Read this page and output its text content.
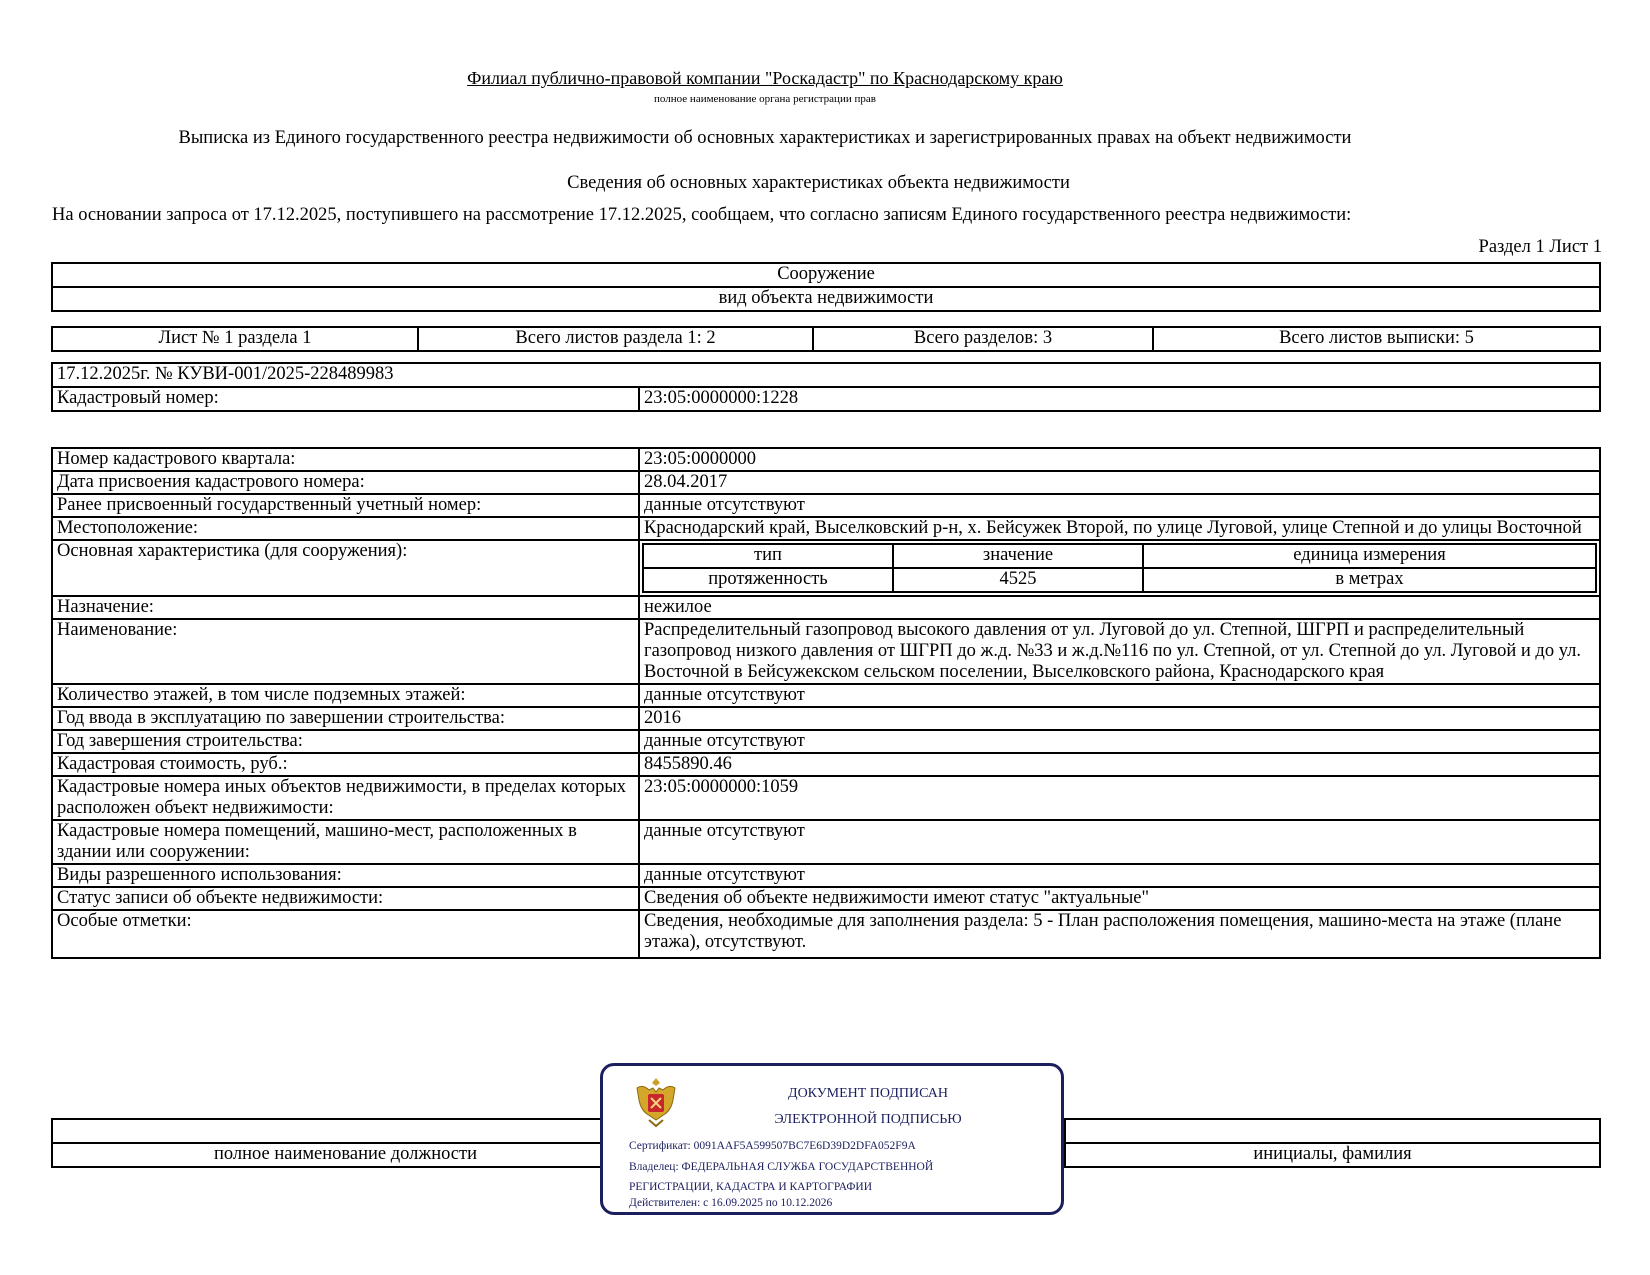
Филиал публично-правовой компании "Роскадастр" по Краснодарскому краю
полное наименование органа регистрации прав
Выписка из Единого государственного реестра недвижимости об основных характеристиках и зарегистрированных правах на объект недвижимости
Сведения об основных характеристиках объекта недвижимости
На основании запроса от 17.12.2025, поступившего на рассмотрение 17.12.2025, сообщаем, что согласно записям Единого государственного реестра недвижимости:
Раздел 1 Лист 1
Сооружение
вид объекта недвижимости
Лист № 1 раздела 1	Всего листов раздела 1: 2	Всего разделов: 3	Всего листов выписки: 5
17.12.2025г. № КУВИ-001/2025-228489983
Кадастровый номер:	23:05:0000000:1228
Номер кадастрового квартала:	23:05:0000000
Дата присвоения кадастрового номера:	28.04.2017
Ранее присвоенный государственный учетный номер:	данные отсутствуют
Местоположение:	Краснодарский край, Выселковский р-н, х. Бейсужек Второй, по улице Луговой, улице Степной и до улицы Восточной
Основная характеристика (для сооружения):		тип	значение	единица измерения
протяженность	4525	в метрах

Назначение:	нежилое
Наименование:	Распределительный газопровод высокого давления от ул. Луговой до ул. Степной, ШГРП и распределительный газопровод низкого давления от ШГРП до ж.д. №33 и ж.д.№116 по ул. Степной, от ул. Степной до ул. Луговой и до ул. Восточной в Бейсужекском сельском поселении, Выселковского района, Краснодарского края
Количество этажей, в том числе подземных этажей:	данные отсутствуют
Год ввода в эксплуатацию по завершении строительства:	2016
Год завершения строительства:	данные отсутствуют
Кадастровая стоимость, руб.:	8455890.46
Кадастровые номера иных объектов недвижимости, в пределах которых расположен объект недвижимости:	23:05:0000000:1059
Кадастровые номера помещений, машино-мест, расположенных в здании или сооружении:	данные отсутствуют
Виды разрешенного использования:	данные отсутствуют
Статус записи об объекте недвижимости:	Сведения об объекте недвижимости имеют статус "актуальные"
Особые отметки:	Сведения, необходимые для заполнения раздела: 5 - План расположения помещения, машино-места на этаже (плане этажа), отсутствуют.

полное наименование должности		инициалы, фамилия
ДОКУМЕНТ ПОДПИСАН
ЭЛЕКТРОННОЙ ПОДПИСЬЮ
Сертификат: 0091AAF5A599507BC7E6D39D2DFA052F9A
Владелец: ФЕДЕРАЛЬНАЯ СЛУЖБА ГОСУДАРСТВЕННОЙ
РЕГИСТРАЦИИ, КАДАСТРА И КАРТОГРАФИИ
Действителен: с 16.09.2025 по 10.12.2026
